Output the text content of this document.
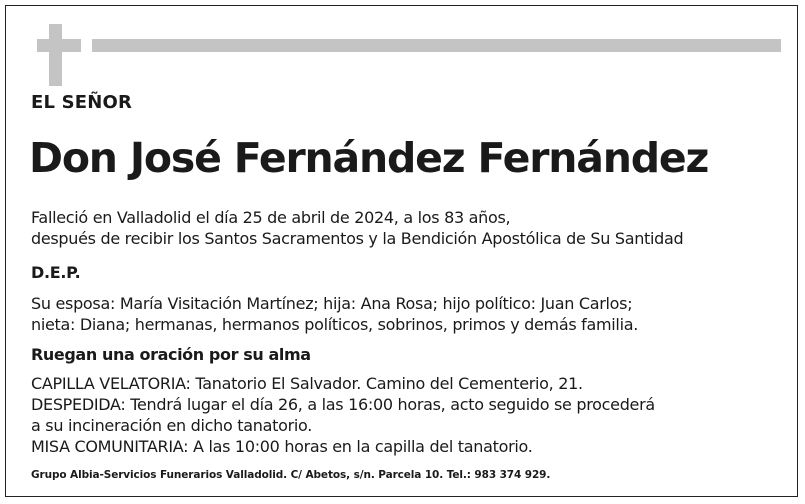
EL SEÑOR
Don José Fernández Fernández
Falleció en Valladolid el día 25 de abril de 2024, a los 83 años,
después de recibir los Santos Sacramentos y la Bendición Apostólica de Su Santidad
D.E.P.
Su esposa: María Visitación Martínez; hija: Ana Rosa; hijo político: Juan Carlos;
nieta: Diana; hermanas, hermanos políticos, sobrinos, primos y demás familia.
Ruegan una oración por su alma
CAPILLA VELATORIA: Tanatorio El Salvador. Camino del Cementerio, 21.
DESPEDIDA: Tendrá lugar el día 26, a las 16:00 horas, acto seguido se procederá
a su incineración en dicho tanatorio.
MISA COMUNITARIA: A las 10:00 horas en la capilla del tanatorio.
Grupo Albia-Servicios Funerarios Valladolid. C/ Abetos, s/n. Parcela 10. Tel.: 983 374 929.
